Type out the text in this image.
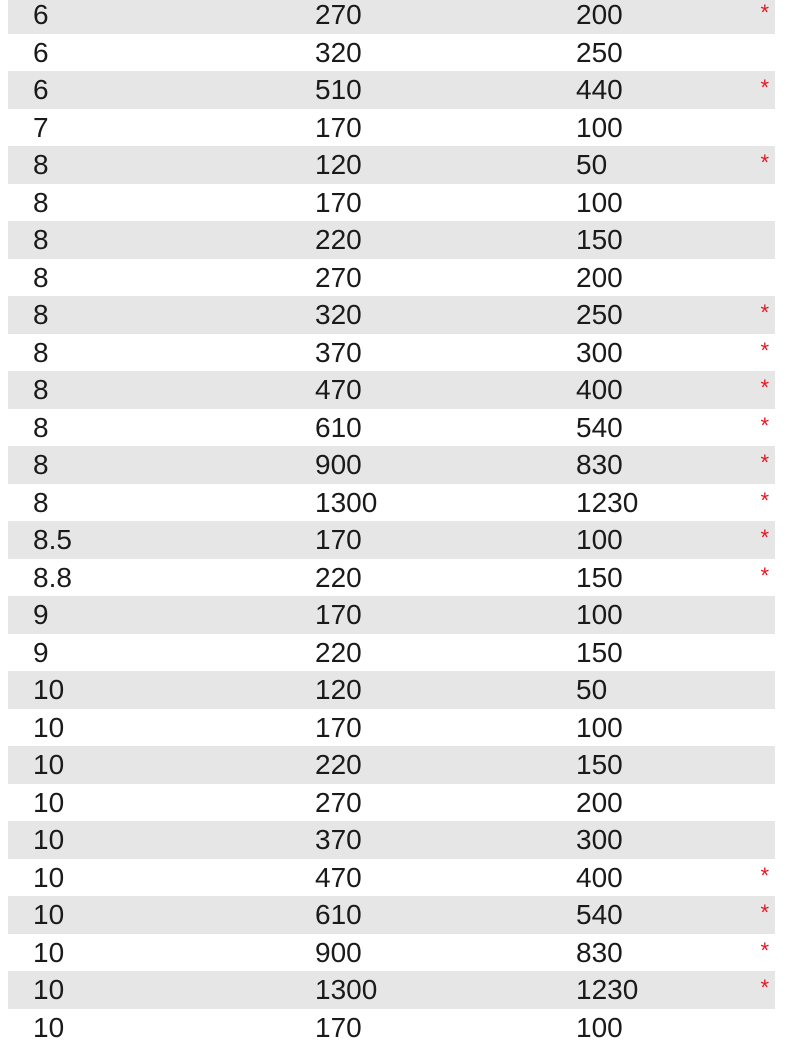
6	270	200	*
6	320	250
6	510	440	*
7	170	100
8	120	50	*
8	170	100
8	220	150
8	270	200
8	320	250	*
8	370	300	*
8	470	400	*
8	610	540	*
8	900	830	*
8	1300	1230	*
8.5	170	100	*
8.8	220	150	*
9	170	100
9	220	150
10	120	50
10	170	100
10	220	150
10	270	200
10	370	300
10	470	400	*
10	610	540	*
10	900	830	*
10	1300	1230	*
10	170	100
